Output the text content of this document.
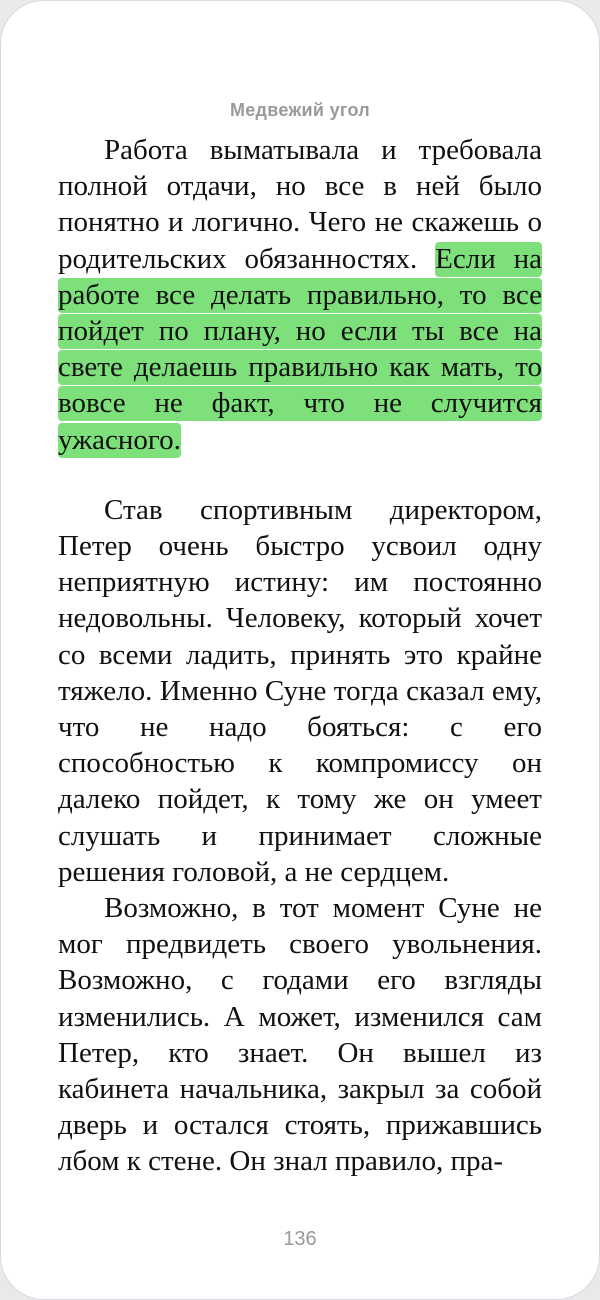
Медвежий угол

Работа выматывала и требовала полной отдачи, но все в ней было понятно и логично. Чего не скажешь о родительских обязанностях. Если на работе все делать правильно, то все пойдет по плану, но если ты все на свете делаешь правильно как мать, то вовсе не факт, что не случится ужасного.

Став спортивным директором, Петер очень быстро усвоил одну неприятную истину: им постоянно недовольны. Человеку, который хочет со всеми ладить, принять это крайне тяжело. Именно Суне тогда сказал ему, что не надо бояться: с его способностью к компромиссу он далеко пойдет, к тому же он умеет слушать и принимает сложные решения головой, а не сердцем.

Возможно, в тот момент Суне не мог предвидеть своего увольнения. Возможно, с годами его взгляды изменились. А может, изменился сам Петер, кто знает. Он вышел из кабинета начальника, закрыл за собой дверь и остался стоять, прижавшись лбом к стене. Он знал правило, пра-

136
